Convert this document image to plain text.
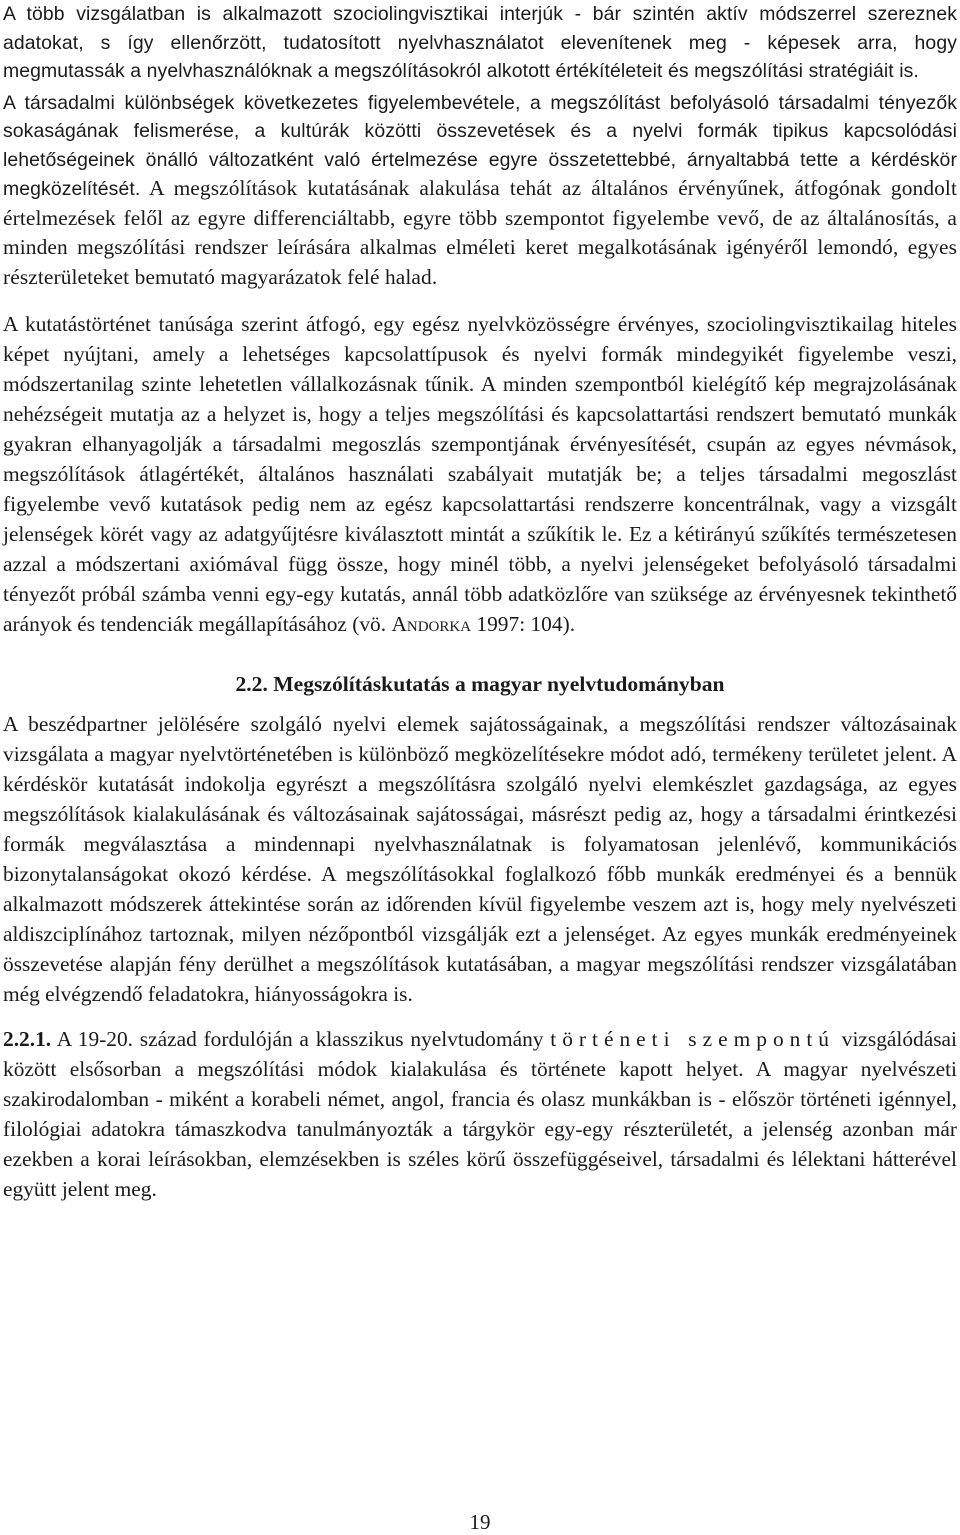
A több vizsgálatban is alkalmazott szociolingvisztikai interjúk - bár szintén aktív módszerrel szereznek adatokat, s így ellenőrzött, tudatosított nyelvhasználatot elevenítenek meg - képesek arra, hogy megmutassák a nyelvhasználóknak a megszólításokról alkotott értékítéleteit és megszólítási stratégiáit is.

A társadalmi különbségek következetes figyelembevétele, a megszólítást befolyásoló társadalmi tényezők sokaságának felismerése, a kultúrák közötti összevetések és a nyelvi formák tipikus kapcsolódási lehetőségeinek önálló változatként való értelmezése egyre összetettebbé, árnyaltabbá tette a kérdéskör megközelítését. A megszólítások kutatásának alakulása tehát az általános érvényűnek, átfogónak gondolt értelmezések felől az egyre differenciáltabb, egyre több szempontot figyelembe vevő, de az általánosítás, a minden megszólítási rendszer leírására alkalmas elméleti keret megalkotásának igényéről lemondó, egyes részterületeket bemutató magyarázatok felé halad.

A kutatástörténet tanúsága szerint átfogó, egy egész nyelvközösségre érvényes, szociolingvisztikailag hiteles képet nyújtani, amely a lehetséges kapcsolattípusok és nyelvi formák mindegyikét figyelembe veszi, módszertanilag szinte lehetetlen vállalkozásnak tűnik. A minden szempontból kielégítő kép megrajzolásának nehézségeit mutatja az a helyzet is, hogy a teljes megszólítási és kapcsolattartási rendszert bemutató munkák gyakran elhanyagolják a társadalmi megoszlás szempontjának érvényesítését, csupán az egyes névmások, megszólítások átlagértékét, általános használati szabályait mutatják be; a teljes társadalmi megoszlást figyelembe vevő kutatások pedig nem az egész kapcsolattartási rendszerre koncentrálnak, vagy a vizsgált jelenségek körét vagy az adatgyűjtésre kiválasztott mintát a szűkítik le. Ez a kétirányú szűkítés természetesen azzal a módszertani axiómával függ össze, hogy minél több, a nyelvi jelenségeket befolyásoló társadalmi tényezőt próbál számba venni egy-egy kutatás, annál több adatközlőre van szüksége az érvényesnek tekinthető arányok és tendenciák megállapításához (vö. Andorka 1997: 104).

2.2. Megszólításkutatás a magyar nyelvtudományban

A beszédpartner jelölésére szolgáló nyelvi elemek sajátosságainak, a megszólítási rendszer változásainak vizsgálata a magyar nyelvtörténetében is különböző megközelítésekre módot adó, termékeny területet jelent. A kérdéskör kutatását indokolja egyrészt a megszólításra szolgáló nyelvi elemkészlet gazdagsága, az egyes megszólítások kialakulásának és változásainak sajátosságai, másrészt pedig az, hogy a társadalmi érintkezési formák megválasztása a mindennapi nyelvhasználatnak is folyamatosan jelenlévő, kommunikációs bizonytalanságokat okozó kérdése. A megszólításokkal foglalkozó főbb munkák eredményei és a bennük alkalmazott módszerek áttekintése során az időrenden kívül figyelembe veszem azt is, hogy mely nyelvészeti aldiszciplínához tartoznak, milyen nézőpontból vizsgálják ezt a jelenséget. Az egyes munkák eredményeinek összevetése alapján fény derülhet a megszólítások kutatásában, a magyar megszólítási rendszer vizsgálatában még elvégzendő feladatokra, hiányosságokra is.

2.2.1. A 19-20. század fordulóján a klasszikus nyelvtudomány történeti szempontú vizsgálódásai között elsősorban a megszólítási módok kialakulása és története kapott helyet. A magyar nyelvészeti szakirodalomban - miként a korabeli német, angol, francia és olasz munkákban is - először történeti igénnyel, filológiai adatokra támaszkodva tanulmányozták a tárgykör egy-egy részterületét, a jelenség azonban már ezekben a korai leírásokban, elemzésekben is széles körű összefüggéseivel, társadalmi és lélektani hátterével együtt jelent meg.

19
